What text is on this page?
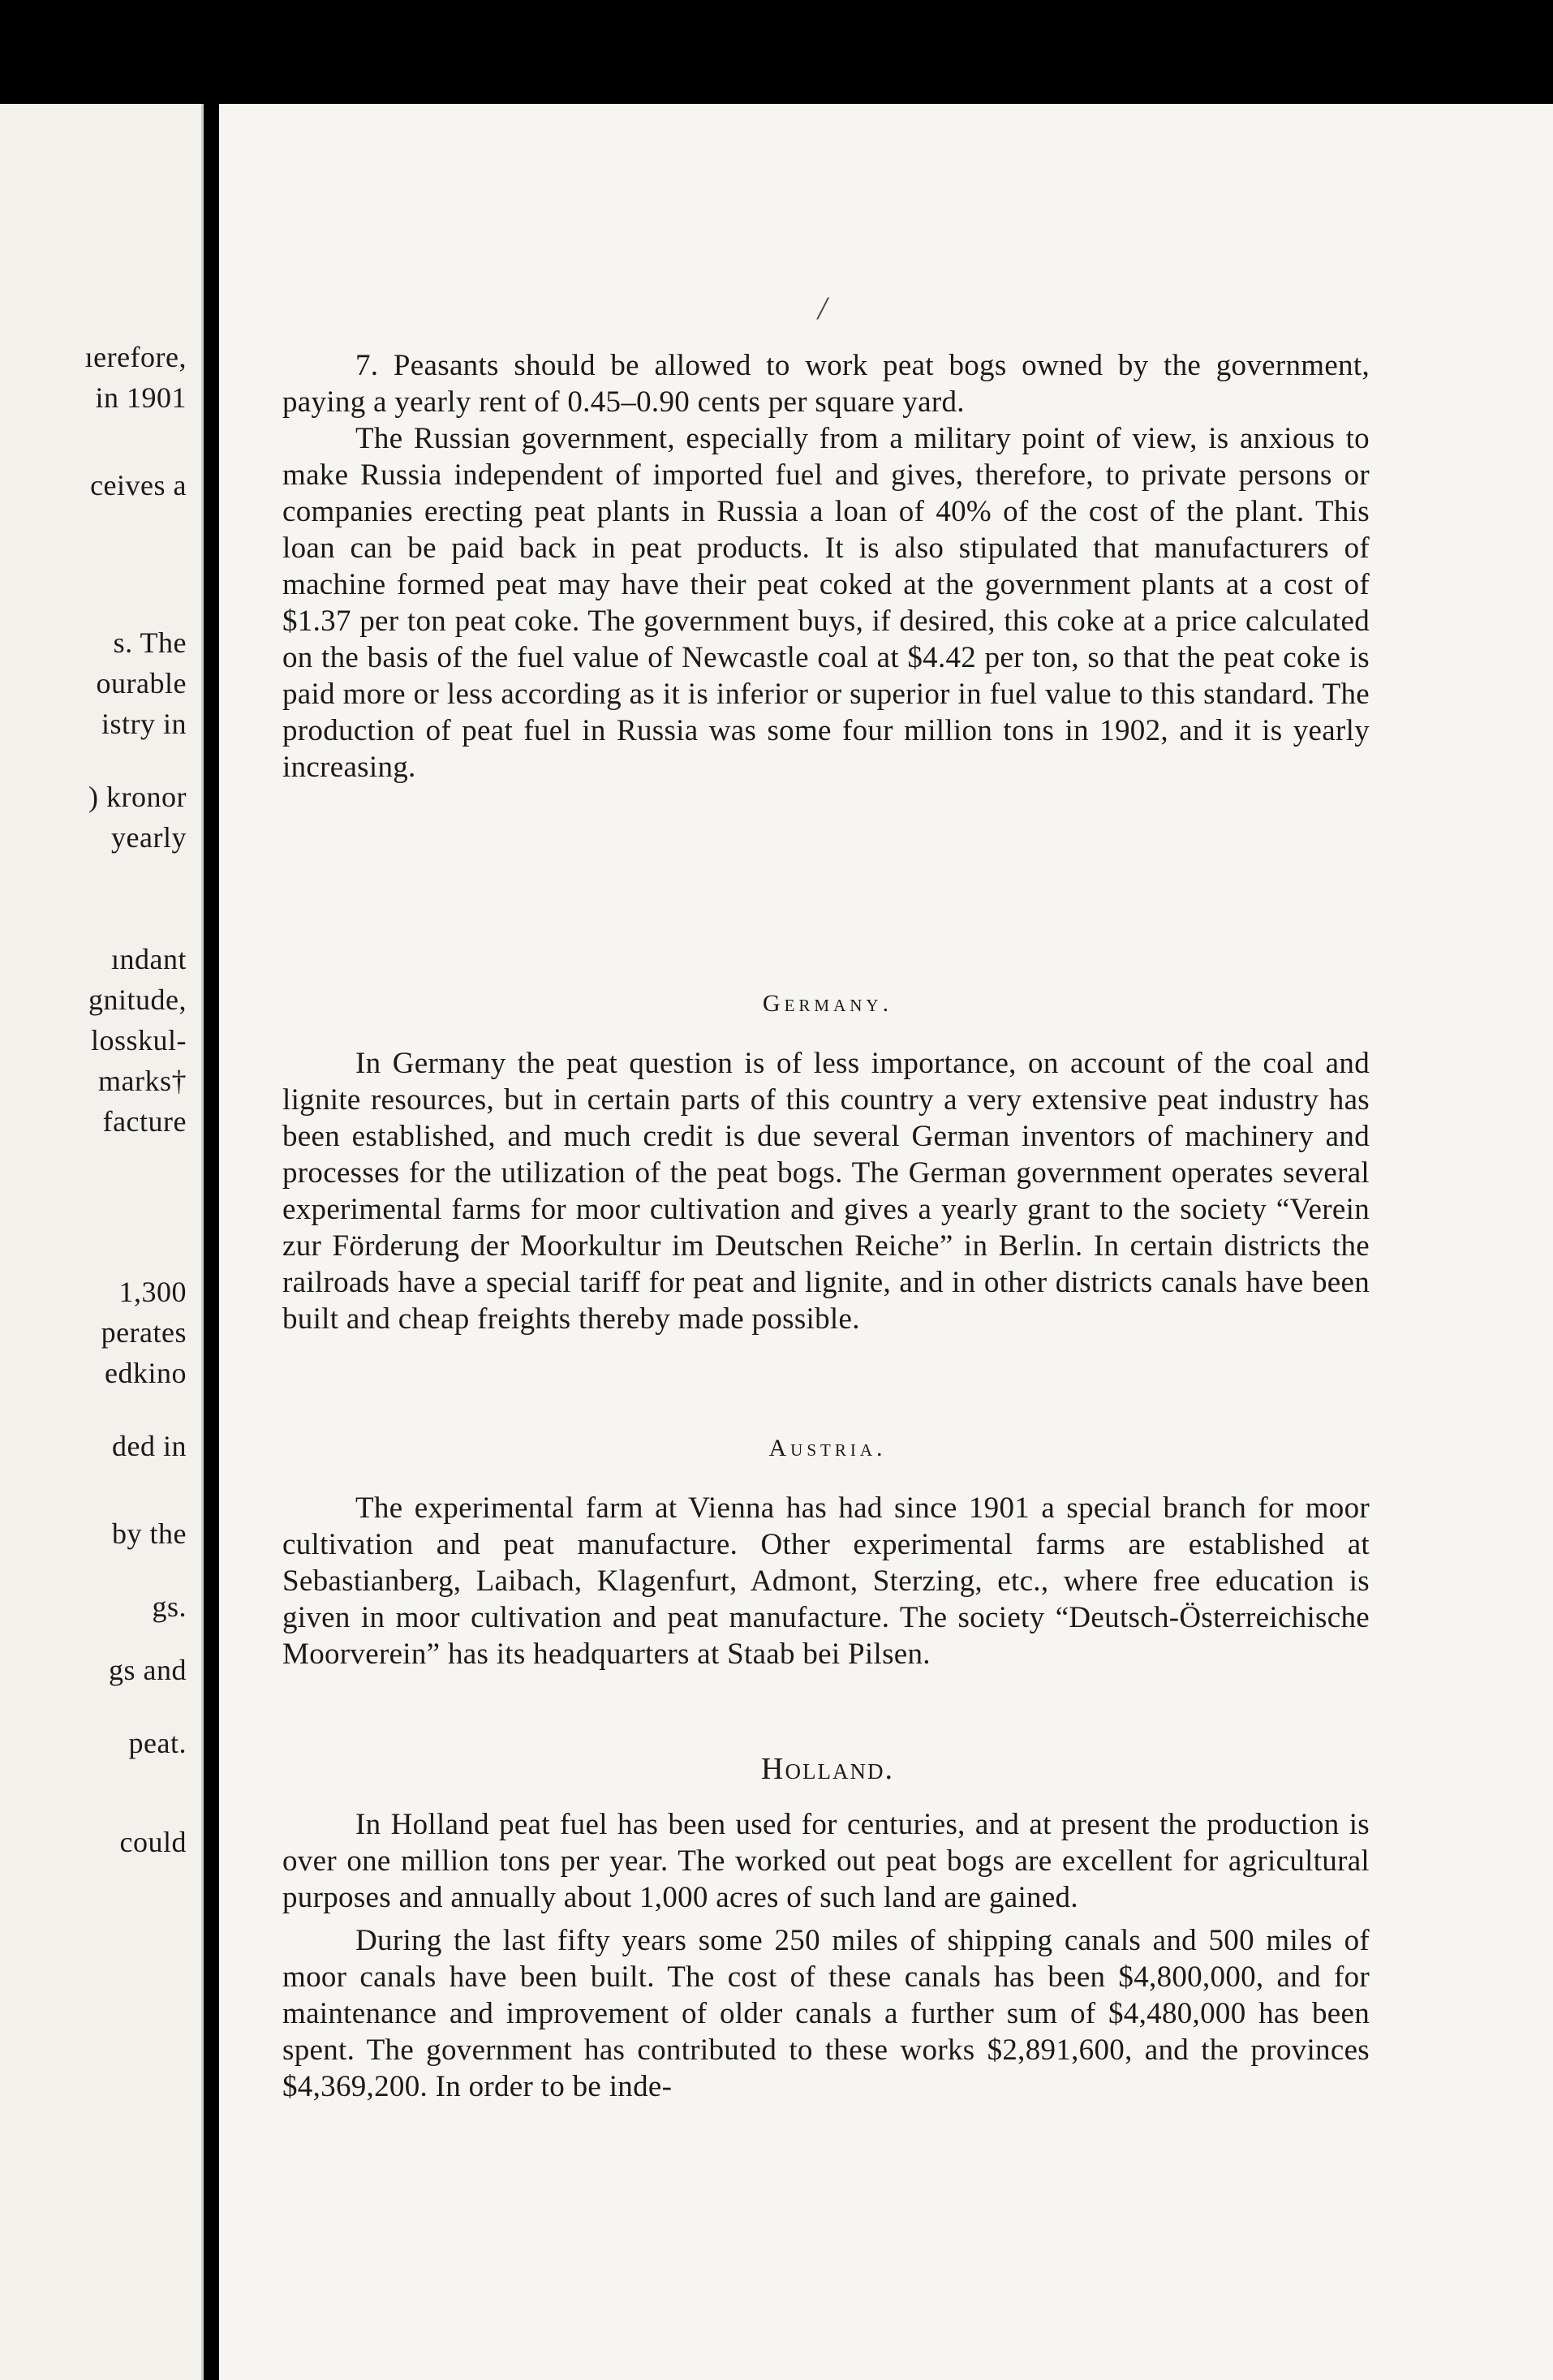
ıerefore,
in 1901
ceives a
s. The
ourable
istry in
) kronor
yearly
ındant
gnitude,
losskul-
marks†
facture
1,300
perates
edkino
ded in
by the
gs.
gs and
peat.
could
/

7. Peasants should be allowed to work peat bogs owned by the government, paying a yearly rent of 0.45–0.90 cents per square yard.

The Russian government, especially from a military point of view, is anxious to make Russia independent of imported fuel and gives, therefore, to private persons or companies erecting peat plants in Russia a loan of 40% of the cost of the plant. This loan can be paid back in peat products. It is also stipulated that manufacturers of machine formed peat may have their peat coked at the government plants at a cost of $1.37 per ton peat coke. The government buys, if desired, this coke at a price calculated on the basis of the fuel value of Newcastle coal at $4.42 per ton, so that the peat coke is paid more or less according as it is inferior or superior in fuel value to this standard. The production of peat fuel in Russia was some four million tons in 1902, and it is yearly increasing.

Germany.

In Germany the peat question is of less importance, on account of the coal and lignite resources, but in certain parts of this country a very extensive peat industry has been established, and much credit is due several German inventors of machinery and processes for the utilization of the peat bogs. The German government operates several experimental farms for moor cultivation and gives a yearly grant to the society “Verein zur Förderung der Moorkultur im Deutschen Reiche” in Berlin. In certain districts the railroads have a special tariff for peat and lignite, and in other districts canals have been built and cheap freights thereby made possible.

Austria.

The experimental farm at Vienna has had since 1901 a special branch for moor cultivation and peat manufacture. Other experimental farms are established at Sebastianberg, Laibach, Klagenfurt, Admont, Sterzing, etc., where free education is given in moor cultivation and peat manufacture. The society “Deutsch-Österreichische Moorverein” has its headquarters at Staab bei Pilsen.

Holland.

In Holland peat fuel has been used for centuries, and at present the production is over one million tons per year. The worked out peat bogs are excellent for agricultural purposes and annually about 1,000 acres of such land are gained.

During the last fifty years some 250 miles of shipping canals and 500 miles of moor canals have been built. The cost of these canals has been $4,800,000, and for maintenance and improvement of older canals a further sum of $4,480,000 has been spent. The government has contributed to these works $2,891,600, and the provinces $4,369,200. In order to be inde-
